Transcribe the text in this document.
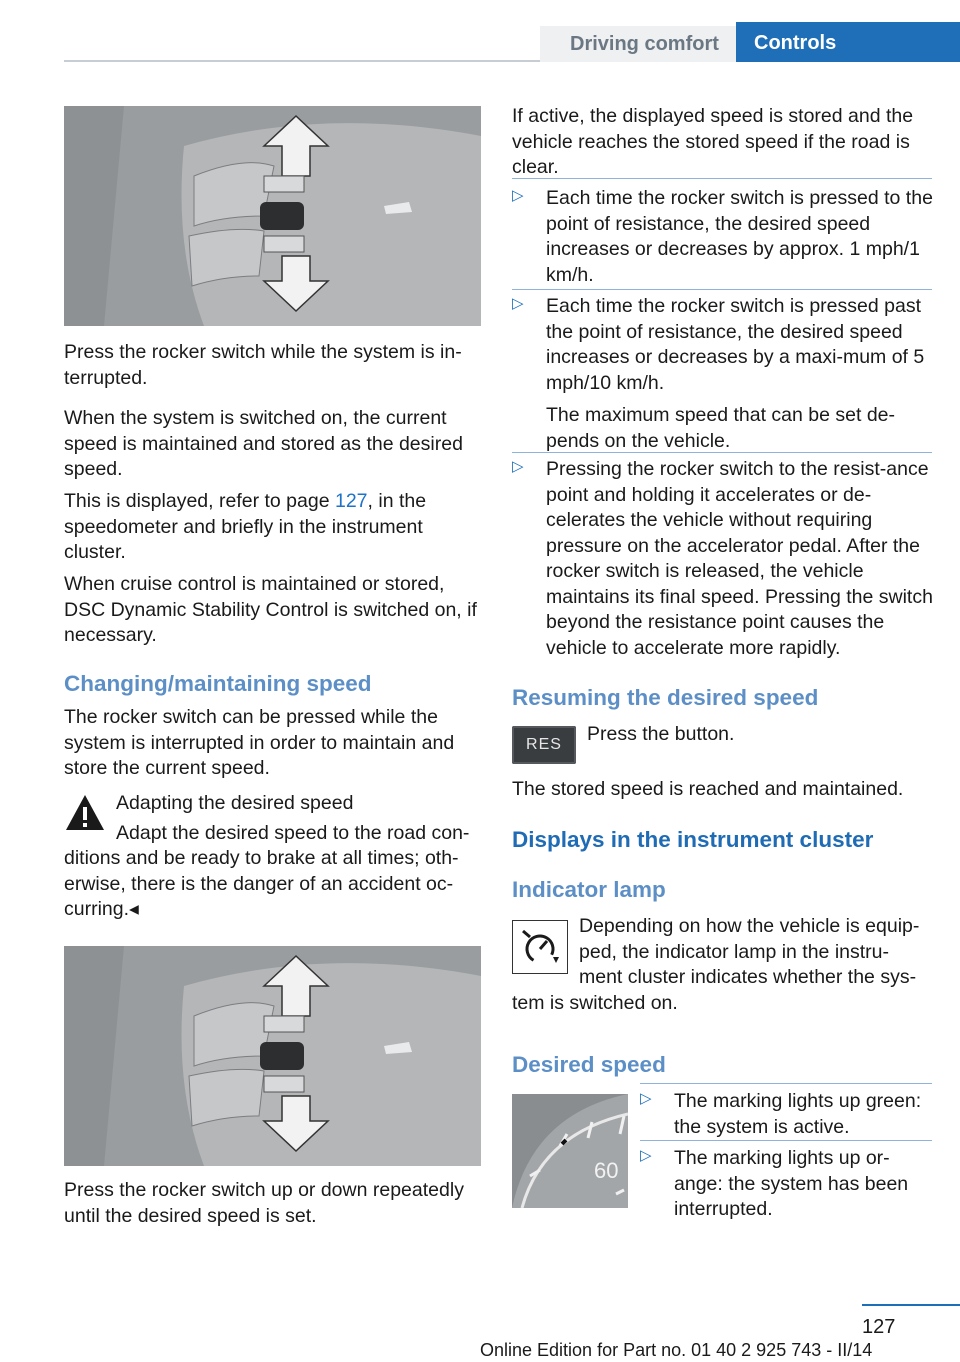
Driving comfort Controls

Press the rocker switch while the system is in-terrupted.

When the system is switched on, the current speed is maintained and stored as the desired speed.

This is displayed, refer to page 127, in the speedometer and briefly in the instrument cluster.

When cruise control is maintained or stored, DSC Dynamic Stability Control is switched on, if necessary.

Changing/maintaining speed

The rocker switch can be pressed while the system is interrupted in order to maintain and store the current speed.

Adapting the desired speed
Adapt the desired speed to the road con-

ditions and be ready to brake at all times; oth-erwise, there is the danger of an accident oc-curring.◂

Press the rocker switch up or down repeatedly until the desired speed is set.

If active, the displayed speed is stored and the vehicle reaches the stored speed if the road is clear.

▷ Each time the rocker switch is pressed to the point of resistance, the desired speed increases or decreases by approx. 1 mph/1 km/h.

▷ Each time the rocker switch is pressed past the point of resistance, the desired speed increases or decreases by a maxi-mum of 5 mph/10 km/h.

The maximum speed that can be set de-pends on the vehicle.

▷ Pressing the rocker switch to the resist-ance point and holding it accelerates or de-celerates the vehicle without requiring pressure on the accelerator pedal. After the rocker switch is released, the vehicle maintains its final speed. Pressing the switch beyond the resistance point causes the vehicle to accelerate more rapidly.

Resuming the desired speed
RES	Press the button.

The stored speed is reached and maintained.

Displays in the instrument cluster
Indicator lamp
Depending on how the vehicle is equip-
ped, the indicator lamp in the instru-
ment cluster indicates whether the sys-
tem is switched on.
Desired speed
60
▷ The marking lights up green: the system is active.

▷ The marking lights up or-ange: the system has been interrupted.

127
Online Edition for Part no. 01 40 2 925 743 - II/14
